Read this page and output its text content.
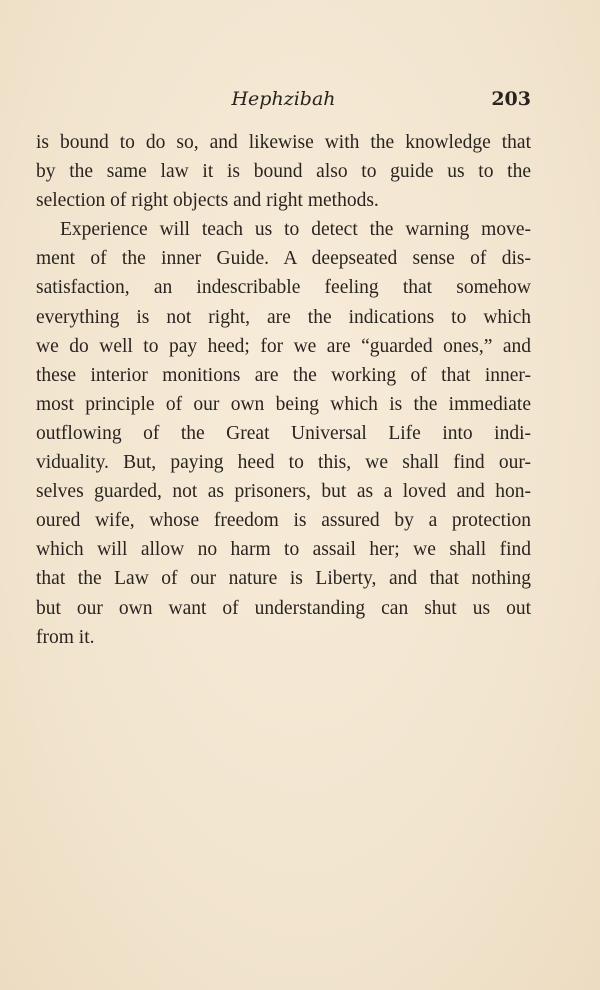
Hephzibah	203

is bound to do so, and likewise with the knowledge that
by the same law it is bound also to guide us to the
selection of right objects and right methods.

Experience will teach us to detect the warning move-
ment of the inner Guide. A deepseated sense of dis-
satisfaction, an indescribable feeling that somehow
everything is not right, are the indications to which
we do well to pay heed; for we are “guarded ones,” and
these interior monitions are the working of that inner-
most principle of our own being which is the immediate
outflowing of the Great Universal Life into indi-
viduality. But, paying heed to this, we shall find our-
selves guarded, not as prisoners, but as a loved and hon-
oured wife, whose freedom is assured by a protection
which will allow no harm to assail her; we shall find
that the Law of our nature is Liberty, and that nothing
but our own want of understanding can shut us out
from it.
